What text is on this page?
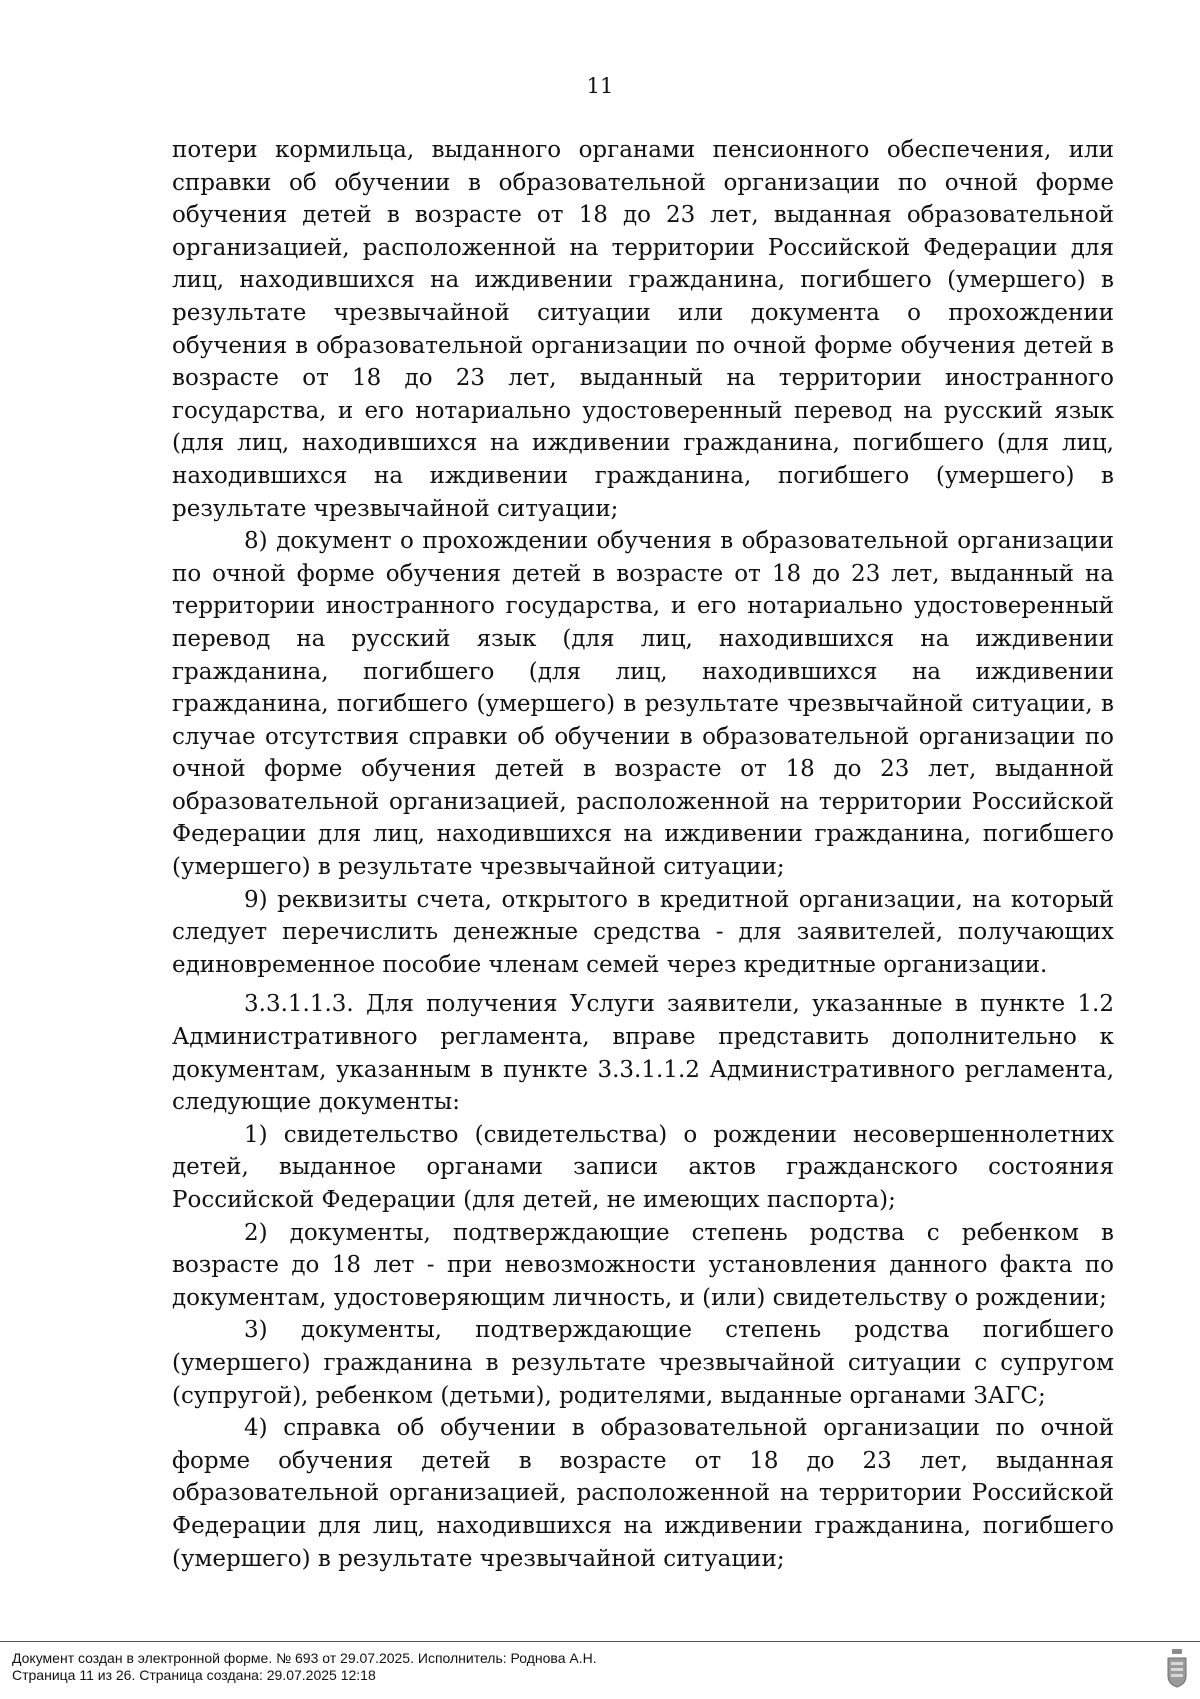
11

потери кормильца, выданного органами пенсионного обеспечения, или справки об обучении в образовательной организации по очной форме обучения детей в возрасте от 18 до 23 лет, выданная образовательной организацией, расположенной на территории Российской Федерации для лиц, находившихся на иждивении гражданина, погибшего (умершего) в результате чрезвычайной ситуации или документа о прохождении обучения в образовательной организации по очной форме обучения детей в возрасте от 18 до 23 лет, выданный на территории иностранного государства, и его нотариально удостоверенный перевод на русский язык (для лиц, находившихся на иждивении гражданина, погибшего (для лиц, находившихся на иждивении гражданина, погибшего (умершего) в результате чрезвычайной ситуации;

8) документ о прохождении обучения в образовательной организации по очной форме обучения детей в возрасте от 18 до 23 лет, выданный на территории иностранного государства, и его нотариально удостоверенный перевод на русский язык (для лиц, находившихся на иждивении гражданина, погибшего (для лиц, находившихся на иждивении гражданина, погибшего (умершего) в результате чрезвычайной ситуации, в случае отсутствия справки об обучении в образовательной организации по очной форме обучения детей в возрасте от 18 до 23 лет, выданной образовательной организацией, расположенной на территории Российской Федерации для лиц, находившихся на иждивении гражданина, погибшего (умершего) в результате чрезвычайной ситуации;

9) реквизиты счета, открытого в кредитной организации, на который следует перечислить денежные средства - для заявителей, получающих единовременное пособие членам семей через кредитные организации.

3.3.1.1.3. Для получения Услуги заявители, указанные в пункте 1.2 Административного регламента, вправе представить дополнительно к документам, указанным в пункте 3.3.1.1.2 Административного регламента, следующие документы:

1) свидетельство (свидетельства) о рождении несовершеннолетних детей, выданное органами записи актов гражданского состояния Российской Федерации (для детей, не имеющих паспорта);

2) документы, подтверждающие степень родства с ребенком в возрасте до 18 лет - при невозможности установления данного факта по документам, удостоверяющим личность, и (или) свидетельству о рождении;

3) документы, подтверждающие степень родства погибшего (умершего) гражданина в результате чрезвычайной ситуации с супругом (супругой), ребенком (детьми), родителями, выданные органами ЗАГС;

4) справка об обучении в образовательной организации по очной форме обучения детей в возрасте от 18 до 23 лет, выданная образовательной организацией, расположенной на территории Российской Федерации для лиц, находившихся на иждивении гражданина, погибшего (умершего) в результате чрезвычайной ситуации;

Документ создан в электронной форме. № 693 от 29.07.2025. Исполнитель: Роднова А.Н.
Страница 11 из 26. Страница создана: 29.07.2025 12:18
